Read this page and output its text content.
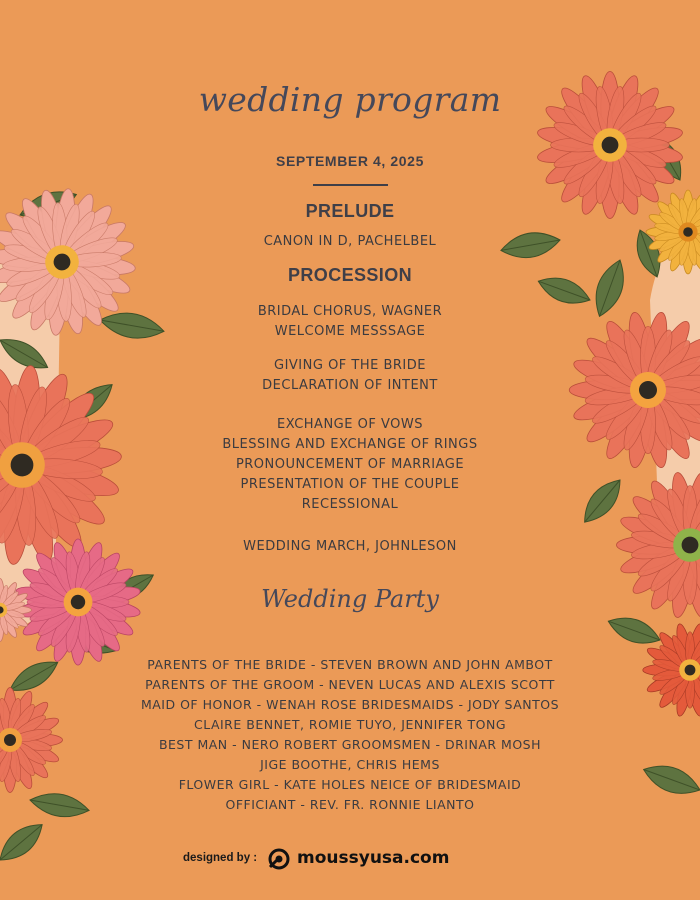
wedding program
SEPTEMBER 4, 2025
PRELUDE
CANON IN D, PACHELBEL
PROCESSION
BRIDAL CHORUS, WAGNER
WELCOME MESSSAGE
GIVING OF THE BRIDE
DECLARATION OF INTENT
EXCHANGE OF VOWS
BLESSING AND EXCHANGE OF RINGS
PRONOUNCEMENT OF MARRIAGE
PRESENTATION OF THE COUPLE
RECESSIONAL
WEDDING MARCH, JOHNLESON
Wedding Party
PARENTS OF THE BRIDE - STEVEN BROWN AND JOHN AMBOT
PARENTS OF THE GROOM - NEVEN LUCAS AND ALEXIS SCOTT
MAID OF HONOR - WENAH ROSE BRIDESMAIDS - JODY SANTOS
CLAIRE BENNET, ROMIE TUYO, JENNIFER TONG
BEST MAN - NERO ROBERT GROOMSMEN - DRINAR MOSH
JIGE BOOTHE, CHRIS HEMS
FLOWER GIRL - KATE HOLES NEICE OF BRIDESMAID
OFFICIANT - REV. FR. RONNIE LIANTO
designed by : moussyusa.com
